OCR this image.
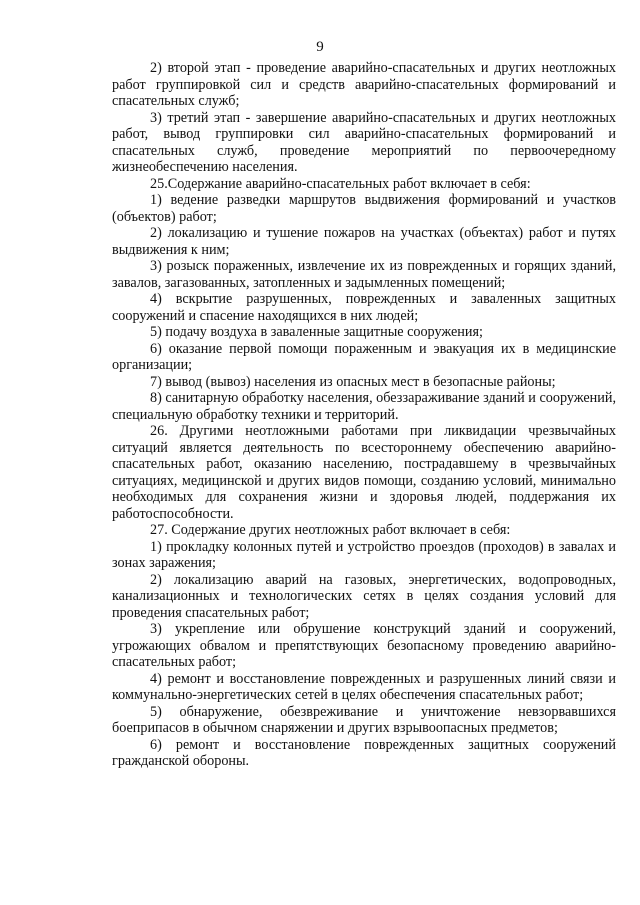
9

2) второй этап - проведение аварийно-спасательных и других неотложных работ группировкой сил и средств аварийно-спасательных формирований и спасательных служб;

3) третий этап - завершение аварийно-спасательных и других неотложных работ, вывод группировки сил аварийно-спасательных формирований и спасательных служб, проведение мероприятий по первоочередному жизнеобеспечению населения.

25.Содержание аварийно-спасательных работ включает в себя:

1) ведение разведки маршрутов выдвижения формирований и участков (объектов) работ;

2) локализацию и тушение пожаров на участках (объектах) работ и путях выдвижения к ним;

3) розыск пораженных, извлечение их из поврежденных и горящих зданий, завалов, загазованных, затопленных и задымленных помещений;

4) вскрытие разрушенных, поврежденных и заваленных защитных сооружений и спасение находящихся в них людей;

5) подачу воздуха в заваленные защитные сооружения;

6) оказание первой помощи пораженным и эвакуация их в медицинские организации;

7) вывод (вывоз) населения из опасных мест в безопасные районы;

8) санитарную обработку населения, обеззараживание зданий и сооружений, специальную обработку техники и территорий.

26. Другими неотложными работами при ликвидации чрезвычайных ситуаций является деятельность по всестороннему обеспечению аварийно-спасательных работ, оказанию населению, пострадавшему в чрезвычайных ситуациях, медицинской и других видов помощи, созданию условий, минимально необходимых для сохранения жизни и здоровья людей, поддержания их работоспособности.

27. Содержание других неотложных работ включает в себя:

1) прокладку колонных путей и устройство проездов (проходов) в завалах и зонах заражения;

2) локализацию аварий на газовых, энергетических, водопроводных, канализационных и технологических сетях в целях создания условий для проведения спасательных работ;

3) укрепление или обрушение конструкций зданий и сооружений, угрожающих обвалом и препятствующих безопасному проведению аварийно-спасательных работ;

4) ремонт и восстановление поврежденных и разрушенных линий связи и коммунально-энергетических сетей в целях обеспечения спасательных работ;

5) обнаружение, обезвреживание и уничтожение невзорвавшихся боеприпасов в обычном снаряжении и других взрывоопасных предметов;

6) ремонт и восстановление поврежденных защитных сооружений гражданской обороны.
